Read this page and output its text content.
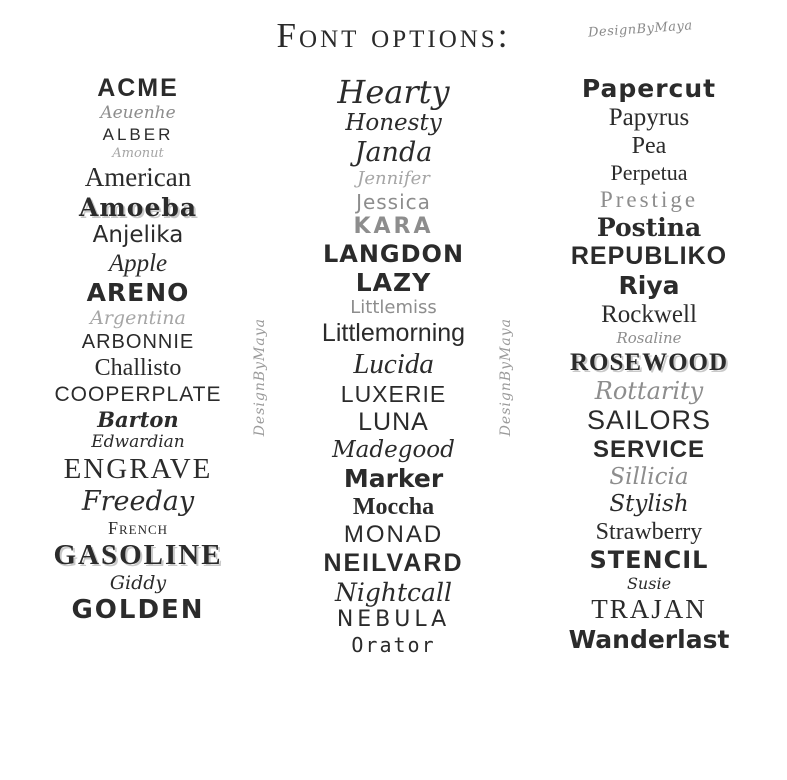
Font options:	DesignByMaya
ACME
Aeuenhe
ALBER
Amonut
American
Amoeba
Anjelika
Apple
ARENO
Argentina
ARBONNIE
Challisto
COOPERPLATE
Barton
Edwardian
ENGRAVE
Freeday
French
GASOLINE
Giddy
GOLDEN
Hearty
Honesty
Janda
Jennifer
Jessica
KARA
LANGDON
LAZY
Littlemiss
Littlemorning
Lucida
LUXERIE
LUNA
Madegood
Marker
Moccha
MONAD
NEILVARD
Nightcall
NEBULA
Orator
Papercut
Papyrus
Pea
Perpetua
Prestige
Postina
REPUBLIKO
Riya
Rockwell
Rosaline
ROSEWOOD
Rottarity
SAILORS
SERVICE
Sillicia
Stylish
Strawberry
STENCIL
Susie
TRAJAN
Wanderlast
DesignByMaya	DesignByMaya
